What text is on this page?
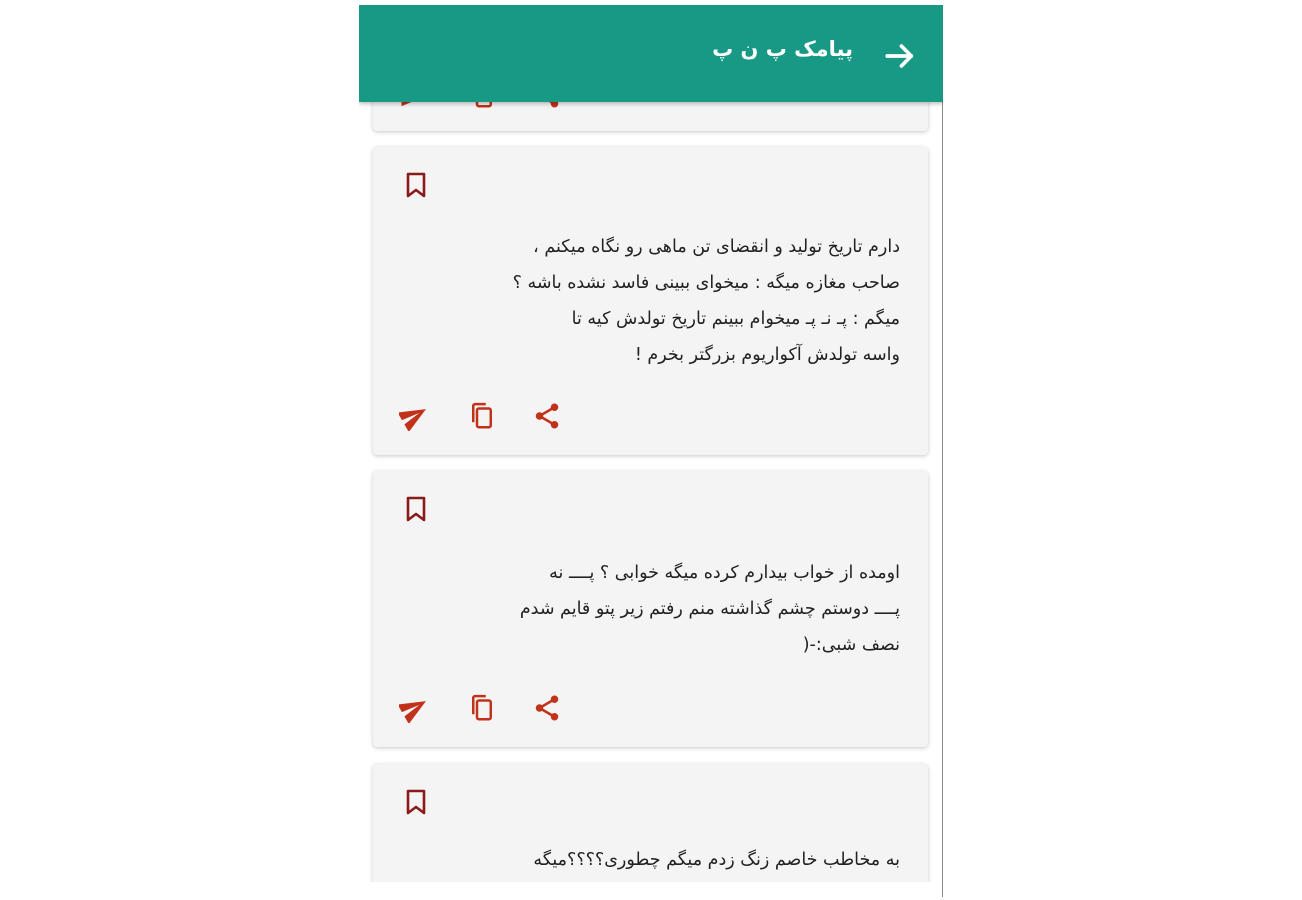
دارم تاریخ تولید و انقضای تن ماهی رو نگاه میکنم ،
صاحب مغازه میگه : میخوای ببینی فاسد نشده باشه ؟
میگم : پـ نـ پـ میخوام ببینم تاریخ تولدش کیه تا
واسه تولدش آکواریوم بزرگتر بخرم !
اومده از خواب بیدارم کرده میگه خوابی ؟ پــــ نه
پــــ دوستم چشم گذاشته منم رفتم زیر پتو قایم شدم
نصف شبی:-(
به مخاطب خاصم زنگ زدم میگم چطوری؟؟؟؟میگه
پیامک پ ن پ
